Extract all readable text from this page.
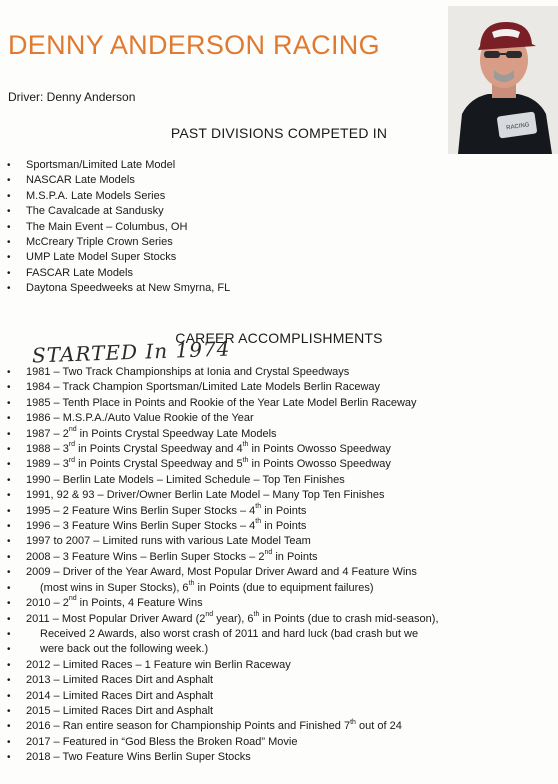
DENNY ANDERSON RACING
Driver: Denny Anderson
RACING
PAST DIVISIONS COMPETED IN
• Sportsman/Limited Late Model
• NASCAR Late Models
• M.S.P.A. Late Models Series
• The Cavalcade at Sandusky
• The Main Event – Columbus, OH
• McCreary Triple Crown Series
• UMP Late Model Super Stocks
• FASCAR Late Models
• Daytona Speedweeks at New Smyrna, FL
CAREER ACCOMPLISHMENTS
STARTED In 1974
• 1981 – Two Track Championships at Ionia and Crystal Speedways
• 1984 – Track Champion Sportsman/Limited Late Models Berlin Raceway
• 1985 – Tenth Place in Points and Rookie of the Year Late Model Berlin Raceway
• 1986 – M.S.P.A./Auto Value Rookie of the Year
• 1987 – 2nd in Points Crystal Speedway Late Models
• 1988 – 3rd in Points Crystal Speedway and 4th in Points Owosso Speedway
• 1989 – 3rd in Points Crystal Speedway and 5th in Points Owosso Speedway
• 1990 – Berlin Late Models – Limited Schedule – Top Ten Finishes
• 1991, 92 & 93 – Driver/Owner Berlin Late Model – Many Top Ten Finishes
• 1995 – 2 Feature Wins Berlin Super Stocks – 4th in Points
• 1996 – 3 Feature Wins Berlin Super Stocks – 4th in Points
• 1997 to 2007 – Limited runs with various Late Model Team
• 2008 – 3 Feature Wins – Berlin Super Stocks – 2nd in Points
• 2009 – Driver of the Year Award, Most Popular Driver Award and 4 Feature Wins
• (most wins in Super Stocks), 6th in Points (due to equipment failures)
• 2010 – 2nd in Points, 4 Feature Wins
• 2011 – Most Popular Driver Award (2nd year), 6th in Points (due to crash mid-season),
• Received 2 Awards, also worst crash of 2011 and hard luck (bad crash but we
• were back out the following week.)
• 2012 – Limited Races – 1 Feature win Berlin Raceway
• 2013 – Limited Races Dirt and Asphalt
• 2014 – Limited Races Dirt and Asphalt
• 2015 – Limited Races Dirt and Asphalt
• 2016 – Ran entire season for Championship Points and Finished 7th out of 24
• 2017 – Featured in “God Bless the Broken Road” Movie
• 2018 – Two Feature Wins Berlin Super Stocks
